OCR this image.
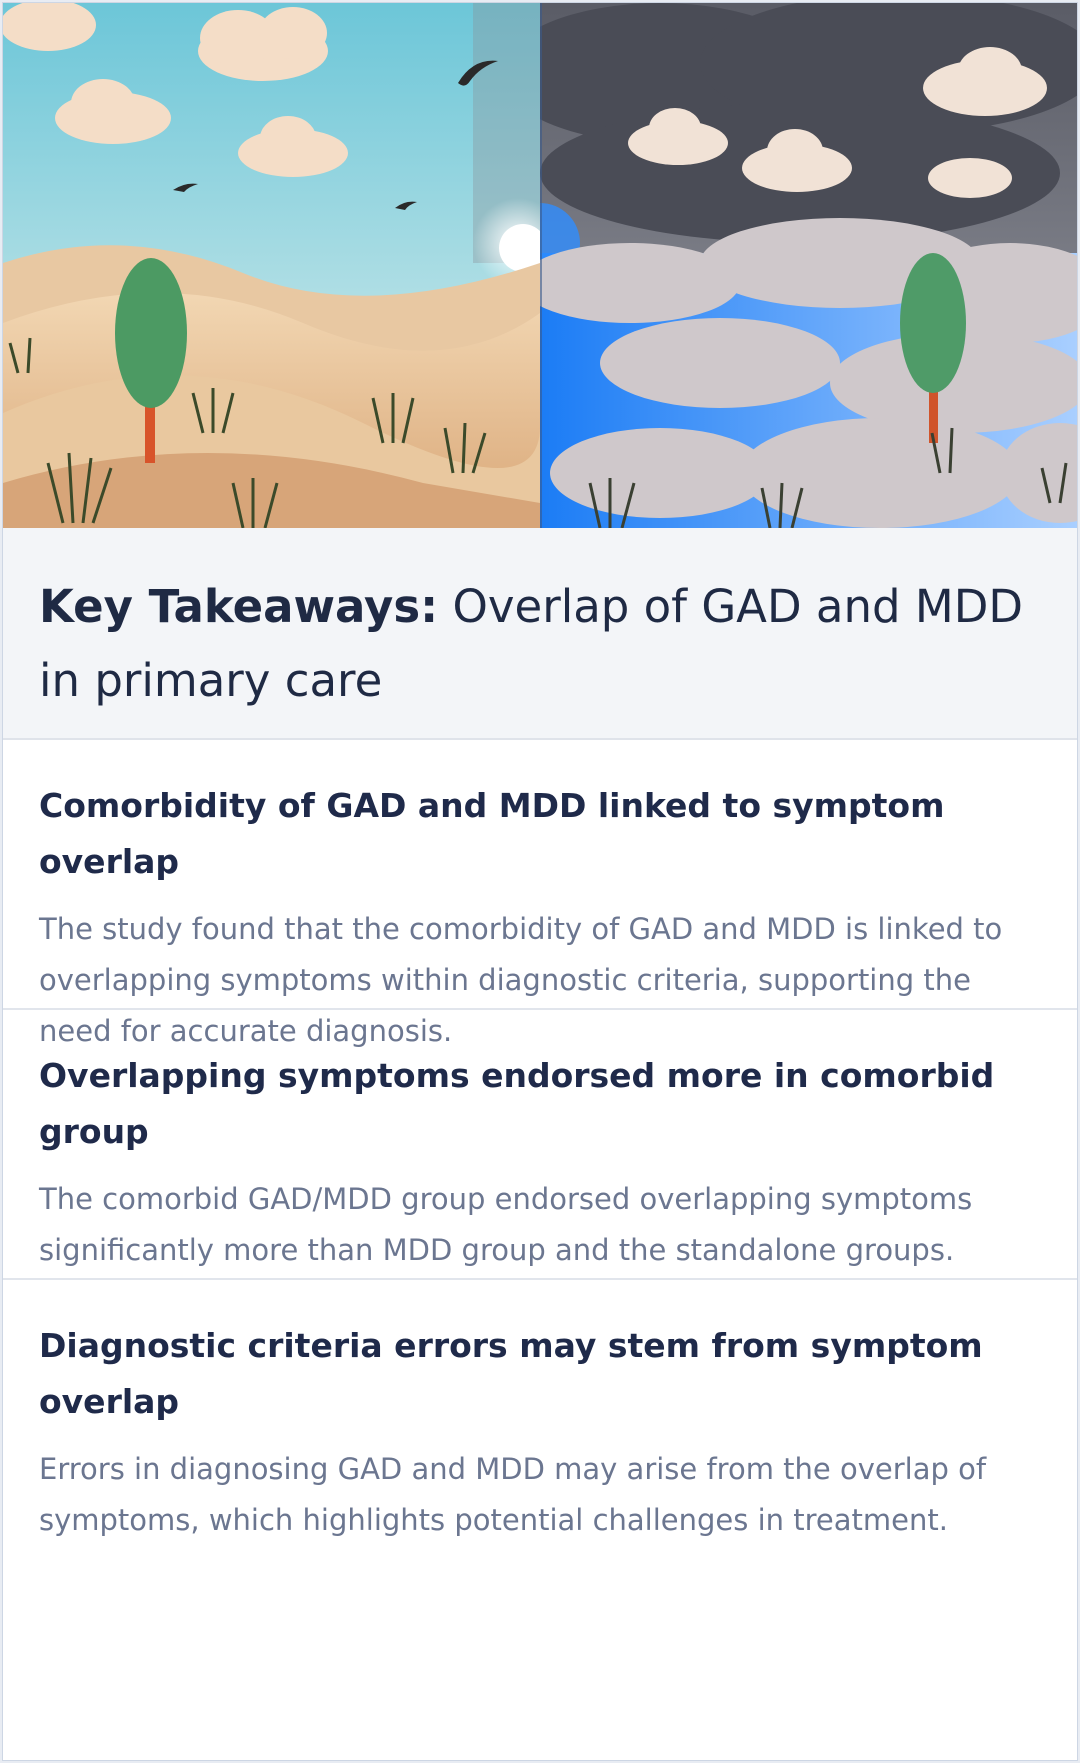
Key Takeaways: Overlap of GAD and MDD in primary care
Comorbidity of GAD and MDD linked to symptom overlap

The study found that the comorbidity of GAD and MDD is linked to overlapping symptoms within diagnostic criteria, supporting the need for accurate diagnosis.

Overlapping symptoms endorsed more in comorbid group

The comorbid GAD/MDD group endorsed overlapping symptoms significantly more than MDD group and the standalone groups.

Diagnostic criteria errors may stem from symptom overlap

Errors in diagnosing GAD and MDD may arise from the overlap of symptoms, which highlights potential challenges in treatment.
